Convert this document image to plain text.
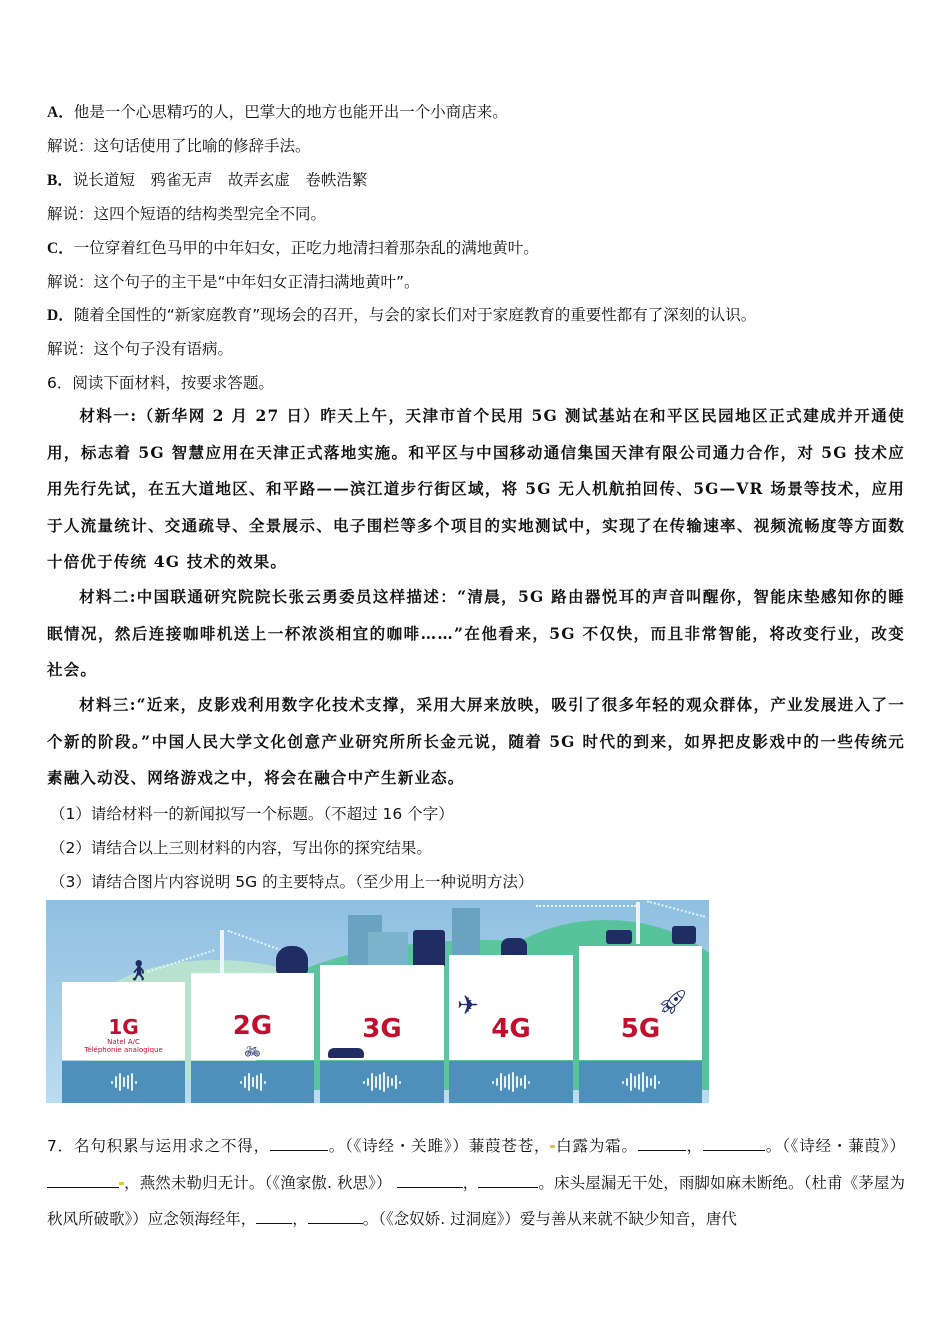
A．他是一个心思精巧的人，巴掌大的地方也能开出一个小商店来。
解说：这句话使用了比喻的修辞手法。
B．说长道短　鸦雀无声　故弄玄虚　卷帙浩繁
解说：这四个短语的结构类型完全不同。
C．一位穿着红色马甲的中年妇女，正吃力地清扫着那杂乱的满地黄叶。
解说：这个句子的主干是“中年妇女正清扫满地黄叶”。
D．随着全国性的“新家庭教育”现场会的召开，与会的家长们对于家庭教育的重要性都有了深刻的认识。
解说：这个句子没有语病。
6．阅读下面材料，按要求答题。
材料一:（新华网 2 月 27 日）昨天上午，天津市首个民用 5G 测试基站在和平区民园地区正式建成并开通使用，标志着 5G 智慧应用在天津正式落地实施。和平区与中国移动通信集国天津有限公司通力合作，对 5G 技术应用先行先试，在五大道地区、和平路——滨江道步行街区域，将 5G 无人机航拍回传、5G—VR 场景等技术，应用于人流量统计、交通疏导、全景展示、电子围栏等多个项目的实地测试中，实现了在传输速率、视频流畅度等方面数十倍优于传统 4G 技术的效果。
材料二:中国联通研究院院长张云勇委员这样描述：“清晨，5G 路由器悦耳的声音叫醒你，智能床垫感知你的睡眠情况，然后连接咖啡机送上一杯浓淡相宜的咖啡……”在他看来，5G 不仅快，而且非常智能，将改变行业，改变社会。
材料三:“近来，皮影戏利用数字化技术支撑，采用大屏来放映，吸引了很多年轻的观众群体，产业发展进入了一个新的阶段。”中国人民大学文化创意产业研究所所长金元说，随着 5G 时代的到来，如界把皮影戏中的一些传统元素融入动没、网络游戏之中，将会在融合中产生新业态。
（1）请给材料一的新闻拟写一个标题。（不超过 16 个字）
（2）请结合以上三则材料的内容，写出你的探究结果。
（3）请结合图片内容说明 5G 的主要特点。（至少用上一种说明方法）
🚶︎
1G
Natel A/C
Téléphonie analogique
2G
🚲︎
3G
✈︎
4G
🚀︎
5G
7．名句积累与运用求之不得，	。（《诗经・关雎》）蒹葭苍苍， 白露为霜。	，	。（《诗经・蒹葭》），燕然未勒归无计。（《渔家傲. 秋思》）	，	。床头屋漏无干处，雨脚如麻未断绝。（杜甫《茅屋为秋风所破歌》）应念领海经年， ，	。（《念奴娇. 过洞庭》）爱与善从来就不缺少知音，唐代
